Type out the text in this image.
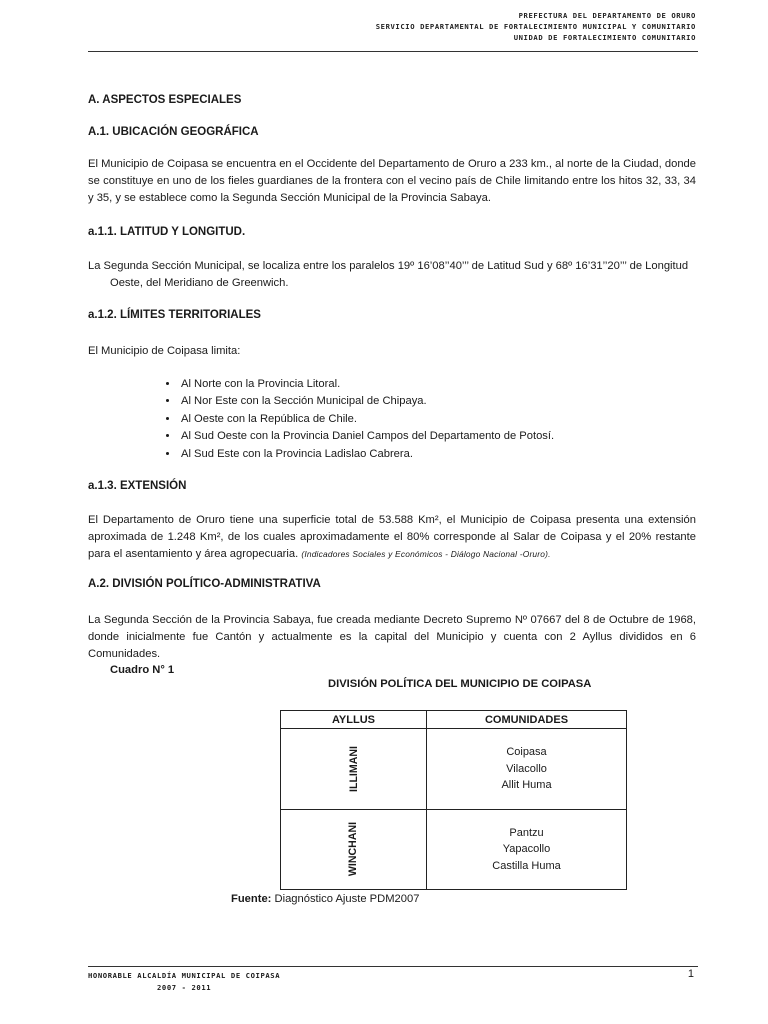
PREFECTURA DEL DEPARTAMENTO DE ORURO
SERVICIO DEPARTAMENTAL DE FORTALECIMIENTO MUNICIPAL Y COMUNITARIO
UNIDAD DE FORTALECIMIENTO COMUNITARIO
A. ASPECTOS ESPECIALES
A.1. UBICACIÓN GEOGRÁFICA

El Municipio de Coipasa se encuentra en el Occidente del Departamento de Oruro a 233 km., al norte de la Ciudad, donde se constituye en uno de los fieles guardianes de la frontera con el vecino país de Chile limitando entre los hitos 32, 33, 34 y 35, y se establece como la Segunda Sección Municipal de la Provincia Sabaya.

a.1.1. LATITUD Y LONGITUD.

La Segunda Sección Municipal, se localiza entre los paralelos 19º 16’08’’40’’’ de Latitud Sud y 68º 16’31’’20’’’ de Longitud
Oeste, del Meridiano de Greenwich.

a.1.2. LÍMITES TERRITORIALES

El Municipio de Coipasa limita:

• Al Norte con la Provincia Litoral.
• Al Nor Este con la Sección Municipal de Chipaya.
• Al Oeste con la República de Chile.
• Al Sud Oeste con la Provincia Daniel Campos del Departamento de Potosí.
• Al Sud Este con la Provincia Ladislao Cabrera.
a.1.3. EXTENSIÓN

El Departamento de Oruro tiene una superficie total de 53.588 Km², el Municipio de Coipasa presenta una extensión aproximada de 1.248 Km², de los cuales aproximadamente el 80% corresponde al Salar de Coipasa y el 20% restante para el asentamiento y área agropecuaria. (Indicadores Sociales y Económicos - Diálogo Nacional -Oruro).

A.2. DIVISIÓN POLÍTICO-ADMINISTRATIVA

La Segunda Sección de la Provincia Sabaya, fue creada mediante Decreto Supremo Nº 07667 del 8 de Octubre de 1968, donde inicialmente fue Cantón y actualmente es la capital del Municipio y cuenta con 2 Ayllus divididos en 6 Comunidades.

Cuadro N° 1
DIVISIÓN POLÍTICA DEL MUNICIPIO DE COIPASA
AYLLUS	COMUNIDADES
ILLIMANI	Coipasa
Vilacollo
Allit Huma

WINCHANI	Pantzu
Yapacollo
Castilla Huma
Fuente: Diagnóstico Ajuste PDM2007
HONORABLE ALCALDÍA MUNICIPAL DE COIPASA
2007 - 2011
1
